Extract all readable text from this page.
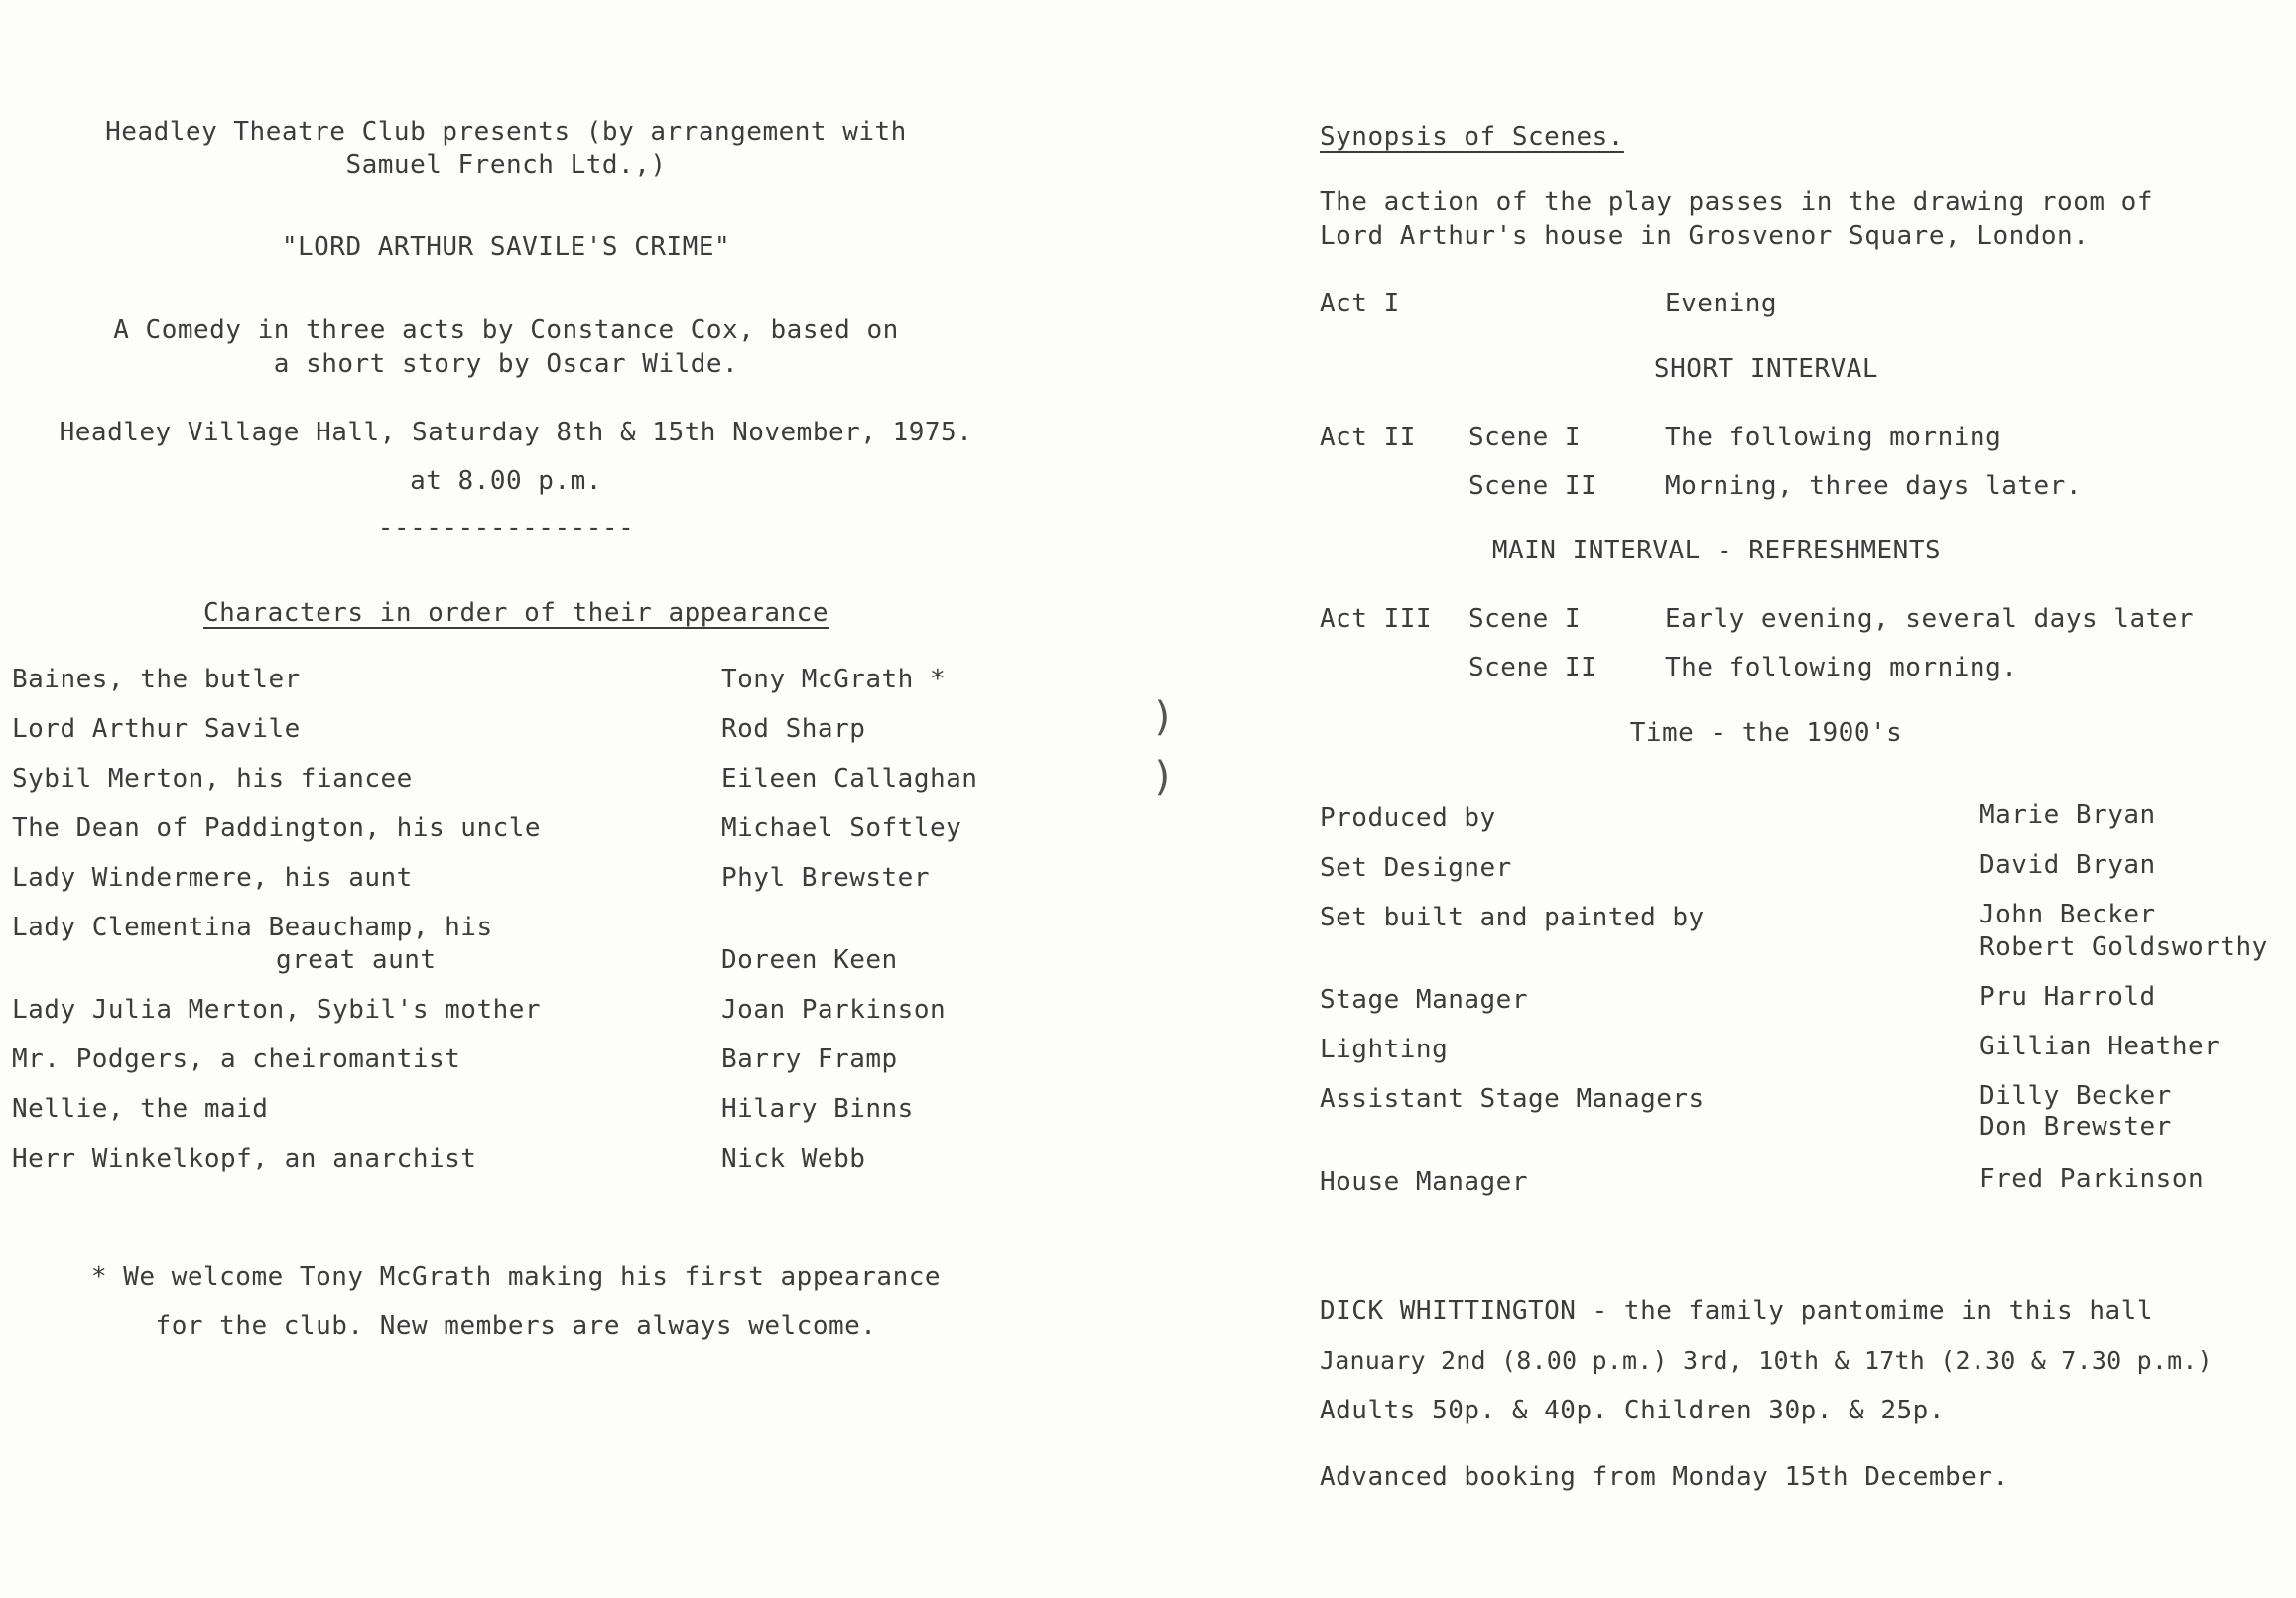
Headley Theatre Club presents (by arrangement with
Samuel French Ltd.,)
"LORD ARTHUR SAVILE'S CRIME"
A Comedy in three acts by Constance Cox, based on
a short story by Oscar Wilde.
Headley Village Hall, Saturday 8th & 15th November, 1975.
at 8.00 p.m.
----------------
Characters in order of their appearance
Baines, the butler	Tony McGrath *
Lord Arthur Savile	Rod Sharp
Sybil Merton, his fiancee	Eileen Callaghan
The Dean of Paddington, his uncle	Michael Softley
Lady Windermere, his aunt	Phyl Brewster
Lady Clementina Beauchamp, his
great aunt	Doreen Keen
Lady Julia Merton, Sybil's mother	Joan Parkinson
Mr. Podgers, a cheiromantist	Barry Framp
Nellie, the maid	Hilary Binns
Herr Winkelkopf, an anarchist	Nick Webb
* We welcome Tony McGrath making his first appearance
for the club. New members are always welcome.
)
)
Synopsis of Scenes.
The action of the play passes in the drawing room of
Lord Arthur's house in Grosvenor Square, London.
Act I	Evening
SHORT INTERVAL
Act II Scene I	The following morning
Scene II	Morning, three days later.
MAIN INTERVAL - REFRESHMENTS
Act III Scene I	Early evening, several days later
Scene II	The following morning.
Time - the 1900's
Produced by	Marie Bryan
Set Designer	David Bryan
Set built and painted by	John Becker
Robert Goldsworthy
Stage Manager	Pru Harrold
Lighting	Gillian Heather
Assistant Stage Managers	Dilly Becker
Don Brewster
House Manager	Fred Parkinson
DICK WHITTINGTON - the family pantomime in this hall
January 2nd (8.00 p.m.) 3rd, 10th & 17th (2.30 & 7.30 p.m.)
Adults 50p. & 40p. Children 30p. & 25p.
Advanced booking from Monday 15th December.
